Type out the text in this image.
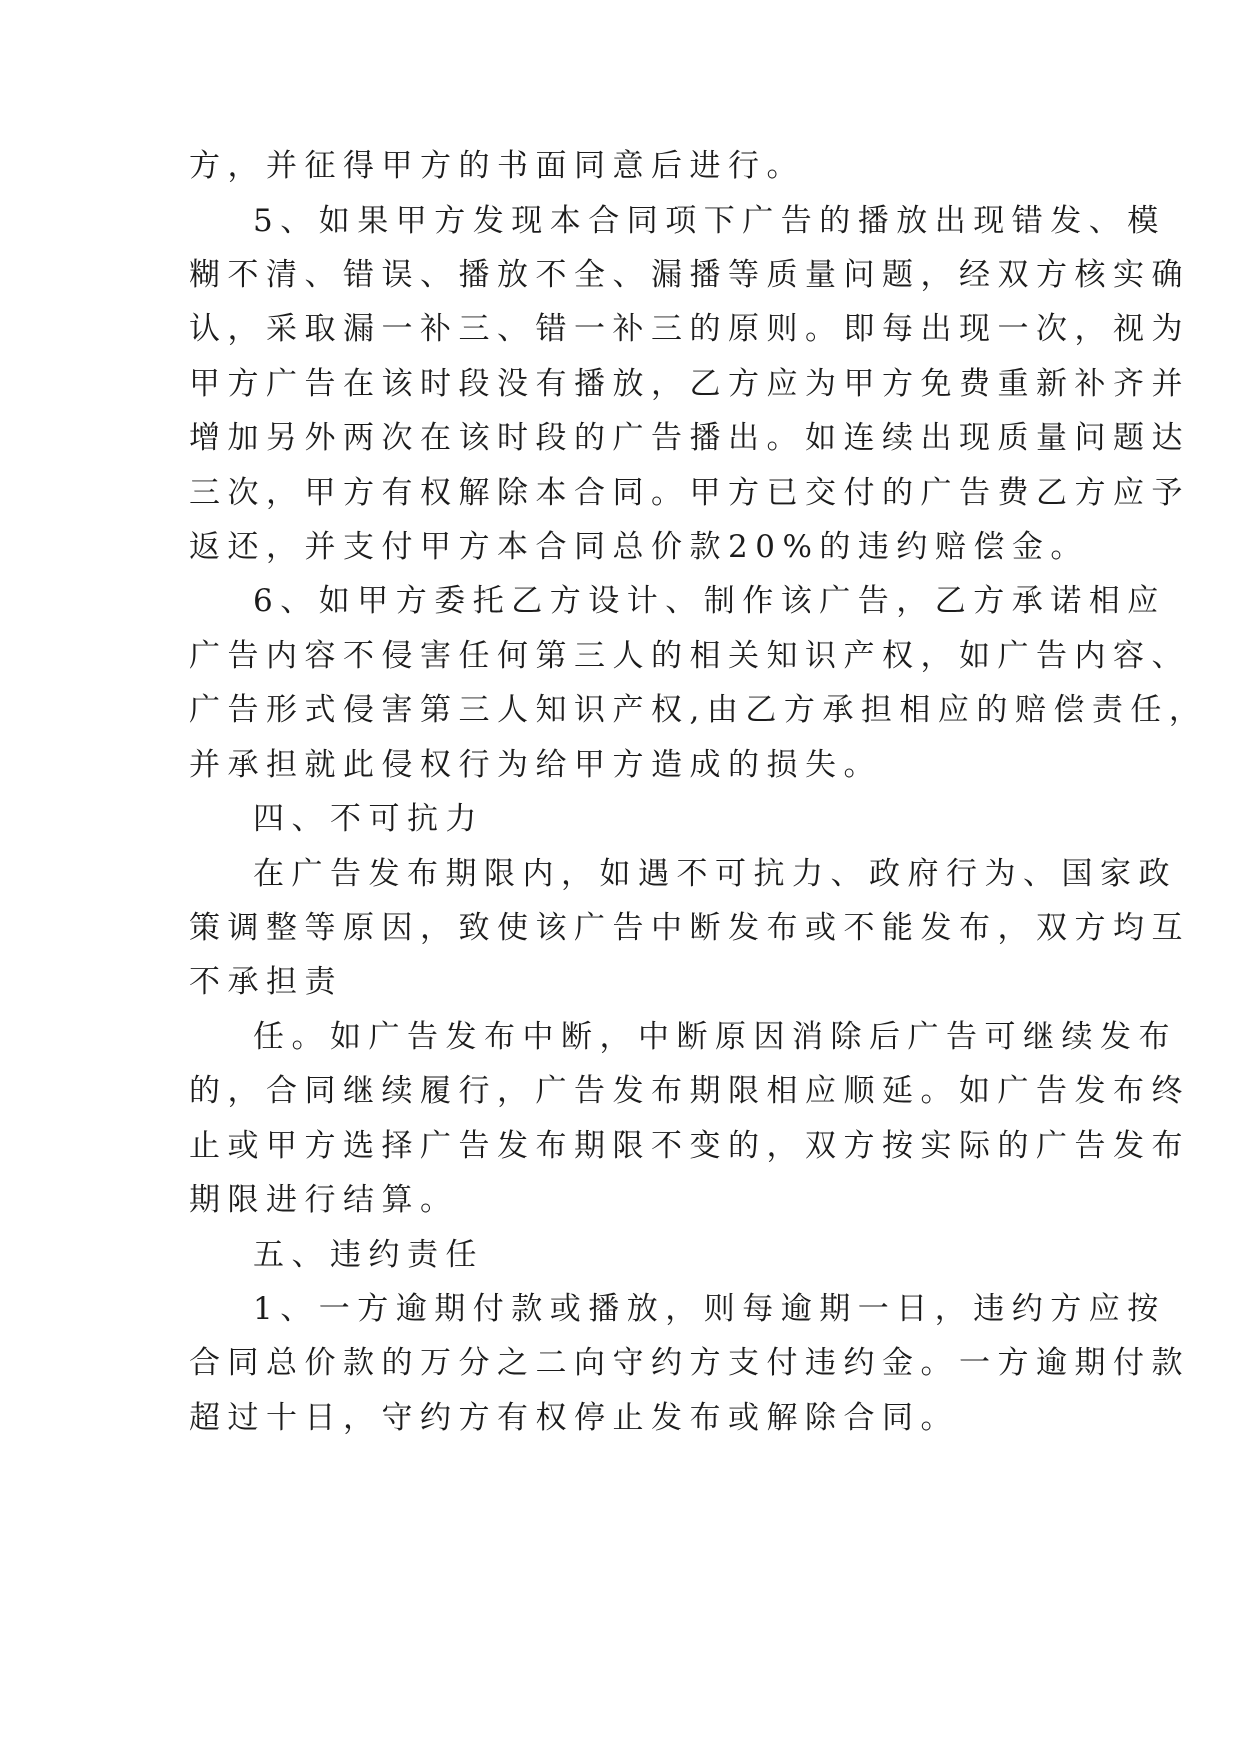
方，并征得甲方的书面同意后进行。
5、如果甲方发现本合同项下广告的播放出现错发、模
糊不清、错误、播放不全、漏播等质量问题，经双方核实确
认，采取漏一补三、错一补三的原则。即每出现一次，视为
甲方广告在该时段没有播放，乙方应为甲方免费重新补齐并
增加另外两次在该时段的广告播出。如连续出现质量问题达
三次，甲方有权解除本合同。甲方已交付的广告费乙方应予
返还，并支付甲方本合同总价款20%的违约赔偿金。
6、如甲方委托乙方设计、制作该广告，乙方承诺相应
广告内容不侵害任何第三人的相关知识产权，如广告内容、
广告形式侵害第三人知识产权,由乙方承担相应的赔偿责任，
并承担就此侵权行为给甲方造成的损失。
四、不可抗力
在广告发布期限内，如遇不可抗力、政府行为、国家政
策调整等原因，致使该广告中断发布或不能发布，双方均互
不承担责
任。如广告发布中断，中断原因消除后广告可继续发布
的，合同继续履行，广告发布期限相应顺延。如广告发布终
止或甲方选择广告发布期限不变的，双方按实际的广告发布
期限进行结算。
五、违约责任
1、一方逾期付款或播放，则每逾期一日，违约方应按
合同总价款的万分之二向守约方支付违约金。一方逾期付款
超过十日，守约方有权停止发布或解除合同。
